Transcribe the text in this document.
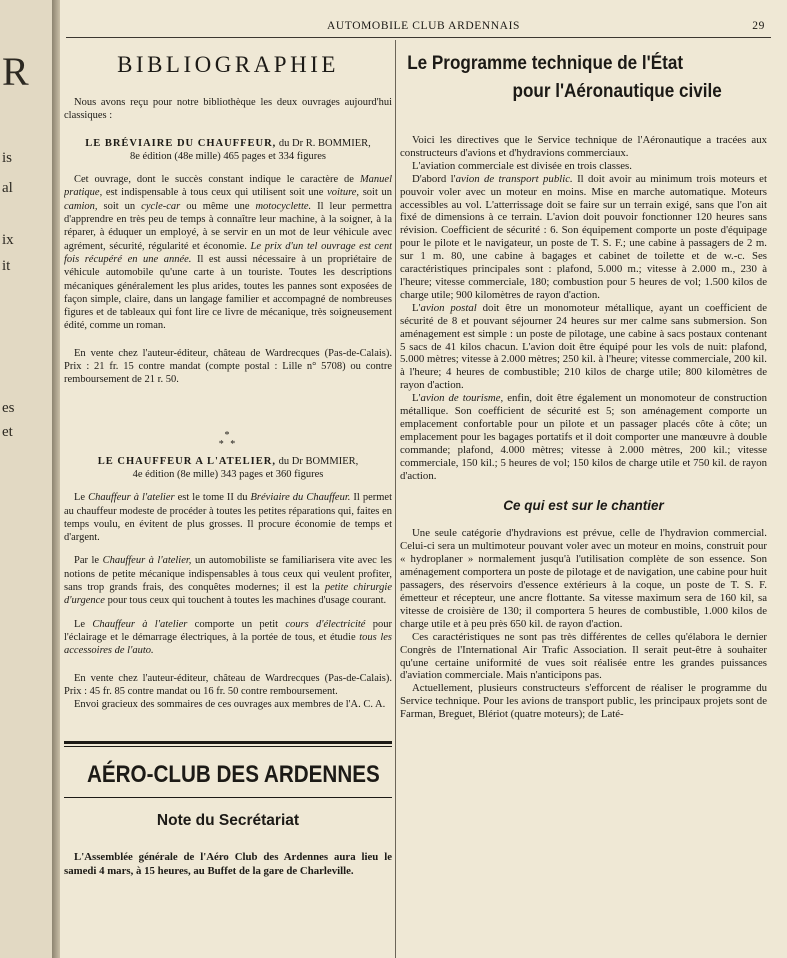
R
is
al
ix
it
es
et
AUTOMOBILE CLUB ARDENNAIS	29
BIBLIOGRAPHIE

Nous avons reçu pour notre bibliothèque les deux ouvrages aujourd'hui classiques :

LE BRÉVIAIRE DU CHAUFFEUR, du Dr R. BOMMIER,
8e édition (48e mille) 465 pages et 334 figures

Cet ouvrage, dont le succès constant indique le caractère de Manuel pratique, est indispensable à tous ceux qui utilisent soit une voiture, soit un camion, soit un cycle-car ou même une motocyclette. Il leur permettra d'apprendre en très peu de temps à connaître leur machine, à la soigner, à la réparer, à éduquer un employé, à se servir en un mot de leur véhicule avec agrément, sécurité, régularité et économie. Le prix d'un tel ouvrage est cent fois récupéré en une année. Il est aussi nécessaire à un propriétaire de véhicule automobile qu'une carte à un touriste. Toutes les descriptions mécaniques généralement les plus arides, toutes les pannes sont exposées de façon simple, claire, dans un langage familier et accompagné de nombreuses figures et de tableaux qui font lire ce livre de mécanique, très soigneusement édité, comme un roman.

En vente chez l'auteur-éditeur, château de Wardrecques (Pas-de-Calais). Prix : 21 fr. 15 contre mandat (compte postal : Lille n° 5708) ou contre remboursement de 21 r. 50.

*
* *

LE CHAUFFEUR A L'ATELIER, du Dr BOMMIER,
4e édition (8e mille) 343 pages et 360 figures

Le Chauffeur à l'atelier est le tome II du Bréviaire du Chauffeur. Il permet au chauffeur modeste de procéder à toutes les petites réparations qui, faites en temps voulu, en évitent de plus grosses. Il procure économie de temps et d'argent.

Par le Chauffeur à l'atelier, un automobiliste se familiarisera vite avec les notions de petite mécanique indispensables à tous ceux qui veulent profiter, sans trop grands frais, des conquêtes modernes; il est la petite chirurgie d'urgence pour tous ceux qui touchent à toutes les machines d'usage courant.

Le Chauffeur à l'atelier comporte un petit cours d'électricité pour l'éclairage et le démarrage électriques, à la portée de tous, et étudie tous les accessoires de l'auto.

En vente chez l'auteur-éditeur, château de Wardrecques (Pas-de-Calais). Prix : 45 fr. 85 contre mandat ou 16 fr. 50 contre remboursement.

Envoi gracieux des sommaires de ces ouvrages aux membres de l'A. C. A.

AÉRO-CLUB DES ARDENNES
Note du Secrétariat

L'Assemblée générale de l'Aéro Club des Ardennes aura lieu le samedi 4 mars, à 15 heures, au Buffet de la gare de Charleville.

Le Programme technique de l'État
pour l'Aéronautique civile

Voici les directives que le Service technique de l'Aéronautique a tracées aux constructeurs d'avions et d'hydravions commerciaux.

L'aviation commerciale est divisée en trois classes.

D'abord l'avion de transport public. Il doit avoir au minimum trois moteurs et pouvoir voler avec un moteur en moins. Mise en marche automatique. Moteurs accessibles au vol. L'atterrissage doit se faire sur un terrain exigé, sans que l'on ait fixé de dimensions à ce terrain. L'avion doit pouvoir fonctionner 120 heures sans révision. Coefficient de sécurité : 6. Son équipement comporte un poste d'équipage pour le pilote et le navigateur, un poste de T. S. F.; une cabine à passagers de 2 m. sur 1 m. 80, une cabine à bagages et cabinet de toilette et de w.-c. Ses caractéristiques principales sont : plafond, 5.000 m.; vitesse à 2.000 m., 230 à l'heure; vitesse commerciale, 180; combustion pour 5 heures de vol; 1.500 kilos de charge utile; 900 kilomètres de rayon d'action.

L'avion postal doit être un monomoteur métallique, ayant un coefficient de sécurité de 8 et pouvant séjourner 24 heures sur mer calme sans submersion. Son aménagement est simple : un poste de pilotage, une cabine à sacs postaux contenant 5 sacs de 41 kilos chacun. L'avion doit être équipé pour les vols de nuit: plafond, 5.000 mètres; vitesse à 2.000 mètres; 250 kil. à l'heure; vitesse commerciale, 200 kil. à l'heure; 4 heures de combustible; 210 kilos de charge utile; 800 kilomètres de rayon d'action.

L'avion de tourisme, enfin, doit être également un monomoteur de construction métallique. Son coefficient de sécurité est 5; son aménagement comporte un emplacement confortable pour un pilote et un passager placés côte à côte; un emplacement pour les bagages portatifs et il doit comporter une manœuvre à double commande; plafond, 4.000 mètres; vitesse à 2.000 mètres, 200 kil.; vitesse commerciale, 150 kil.; 5 heures de vol; 150 kilos de charge utile et 750 kil. de rayon d'action.

Ce qui est sur le chantier

Une seule catégorie d'hydravions est prévue, celle de l'hydravion commercial. Celui-ci sera un multimoteur pouvant voler avec un moteur en moins, construit pour « hydroplaner » normalement jusqu'à l'utilisation complète de son essence. Son aménagement comportera un poste de pilotage et de navigation, une cabine pour huit passagers, des réservoirs d'essence extérieurs à la coque, un poste de T. S. F. émetteur et récepteur, une ancre flottante. Sa vitesse maximum sera de 160 kil, sa vitesse de croisière de 130; il comportera 5 heures de combustible, 1.000 kilos de charge utile et à peu près 650 kil. de rayon d'action.

Ces caractéristiques ne sont pas très différentes de celles qu'élabora le dernier Congrès de l'International Air Trafic Association. Il serait peut-être à souhaiter qu'une certaine uniformité de vues soit réalisée entre les grandes puissances d'aviation commerciale. Mais n'anticipons pas.

Actuellement, plusieurs constructeurs s'efforcent de réaliser le programme du Service technique. Pour les avions de transport public, les principaux projets sont de Farman, Breguet, Blériot (quatre moteurs); de Laté-
